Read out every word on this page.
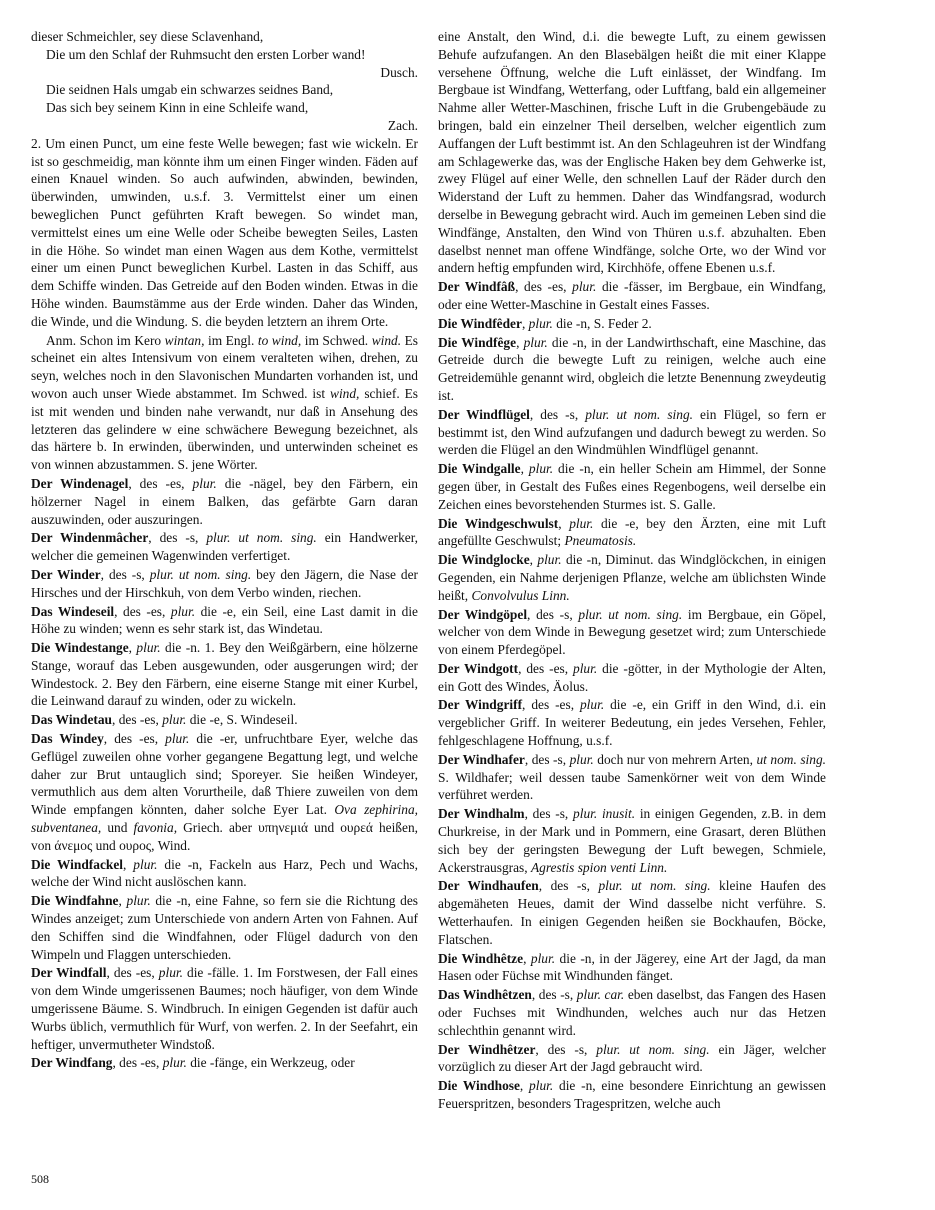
dieser Schmeichler, sey diese Sclavenhand,

Die um den Schlaf der Ruhmsucht den ersten Lorber wand!

Dusch.

Die seidnen Hals umgab ein schwarzes seidnes Band,

Das sich bey seinem Kinn in eine Schleife wand,

Zach.

2. Um einen Punct, um eine feste Welle bewegen; fast wie wickeln. Er ist so geschmeidig, man könnte ihm um einen Finger winden. Fäden auf einen Knauel winden. So auch aufwinden, abwinden, bewinden, überwinden, umwinden, u.s.f. 3. Vermittelst einer um einen beweglichen Punct geführten Kraft bewegen. So windet man, vermittelst eines um eine Welle oder Scheibe bewegten Seiles, Lasten in die Höhe. So windet man einen Wagen aus dem Kothe, vermittelst einer um einen Punct beweglichen Kurbel. Lasten in das Schiff, aus dem Schiffe winden. Das Getreide auf den Boden winden. Etwas in die Höhe winden. Baumstämme aus der Erde winden. Daher das Winden, die Winde, und die Windung. S. die beyden letztern an ihrem Orte.

Anm. Schon im Kero wintan, im Engl. to wind, im Schwed. wind. Es scheinet ein altes Intensivum von einem veralteten wihen, drehen, zu seyn, welches noch in den Slavonischen Mundarten vorhanden ist, und wovon auch unser Wiede abstammet. Im Schwed. ist wind, schief. Es ist mit wenden und binden nahe verwandt, nur daß in Ansehung des letzteren das gelindere w eine schwächere Bewegung bezeichnet, als das härtere b. In erwinden, überwinden, und unterwinden scheinet es von winnen abzustammen. S. jene Wörter.

Der Windenagel, des -es, plur. die -nägel, bey den Färbern, ein hölzerner Nagel in einem Balken, das gefärbte Garn daran auszuwinden, oder auszuringen.

Der Windenmâcher, des -s, plur. ut nom. sing. ein Handwerker, welcher die gemeinen Wagenwinden verfertiget.

Der Winder, des -s, plur. ut nom. sing. bey den Jägern, die Nase der Hirsches und der Hirschkuh, von dem Verbo winden, riechen.

Das Windeseil, des -es, plur. die -e, ein Seil, eine Last damit in die Höhe zu winden; wenn es sehr stark ist, das Windetau.

Die Windestange, plur. die -n. 1. Bey den Weißgärbern, eine hölzerne Stange, worauf das Leben ausgewunden, oder ausgerungen wird; der Windestock. 2. Bey den Färbern, eine eiserne Stange mit einer Kurbel, die Leinwand darauf zu winden, oder zu wickeln.

Das Windetau, des -es, plur. die -e, S. Windeseil.

Das Windey, des -es, plur. die -er, unfruchtbare Eyer, welche das Geflügel zuweilen ohne vorher gegangene Begattung legt, und welche daher zur Brut untauglich sind; Sporeyer. Sie heißen Windeyer, vermuthlich aus dem alten Vorurtheile, daß Thiere zuweilen von dem Winde empfangen könnten, daher solche Eyer Lat. Ova zephirina, subventanea, und favonia, Griech. aber υπηνεμιά und ουρεά heißen, von άνεμος und ουρος, Wind.

Die Windfackel, plur. die -n, Fackeln aus Harz, Pech und Wachs, welche der Wind nicht auslöschen kann.

Die Windfahne, plur. die -n, eine Fahne, so fern sie die Richtung des Windes anzeiget; zum Unterschiede von andern Arten von Fahnen. Auf den Schiffen sind die Windfahnen, oder Flügel dadurch von den Wimpeln und Flaggen unterschieden.

Der Windfall, des -es, plur. die -fälle. 1. Im Forstwesen, der Fall eines von dem Winde umgerissenen Baumes; noch häufiger, von dem Winde umgerissene Bäume. S. Windbruch. In einigen Gegenden ist dafür auch Wurbs üblich, vermuthlich für Wurf, von werfen. 2. In der Seefahrt, ein heftiger, unvermutheter Windstoß.

Der Windfang, des -es, plur. die -fänge, ein Werkzeug, oder

eine Anstalt, den Wind, d.i. die bewegte Luft, zu einem gewissen Behufe aufzufangen. An den Blasebälgen heißt die mit einer Klappe versehene Öffnung, welche die Luft einlässet, der Windfang. Im Bergbaue ist Windfang, Wetterfang, oder Luftfang, bald ein allgemeiner Nahme aller Wetter-Maschinen, frische Luft in die Grubengebäude zu bringen, bald ein einzelner Theil derselben, welcher eigentlich zum Auffangen der Luft bestimmt ist. An den Schlageuhren ist der Windfang am Schlagewerke das, was der Englische Haken bey dem Gehwerke ist, zwey Flügel auf einer Welle, den schnellen Lauf der Räder durch den Widerstand der Luft zu hemmen. Daher das Windfangsrad, wodurch derselbe in Bewegung gebracht wird. Auch im gemeinen Leben sind die Windfänge, Anstalten, den Wind von Thüren u.s.f. abzuhalten. Eben daselbst nennet man offene Windfänge, solche Orte, wo der Wind vor andern heftig empfunden wird, Kirchhöfe, offene Ebenen u.s.f.

Der Windfâß, des -es, plur. die -fässer, im Bergbaue, ein Windfang, oder eine Wetter-Maschine in Gestalt eines Fasses.

Die Windfêder, plur. die -n, S. Feder 2.

Die Windfêge, plur. die -n, in der Landwirthschaft, eine Maschine, das Getreide durch die bewegte Luft zu reinigen, welche auch eine Getreidemühle genannt wird, obgleich die letzte Benennung zweydeutig ist.

Der Windflügel, des -s, plur. ut nom. sing. ein Flügel, so fern er bestimmt ist, den Wind aufzufangen und dadurch bewegt zu werden. So werden die Flügel an den Windmühlen Windflügel genannt.

Die Windgalle, plur. die -n, ein heller Schein am Himmel, der Sonne gegen über, in Gestalt des Fußes eines Regenbogens, weil derselbe ein Zeichen eines bevorstehenden Sturmes ist. S. Galle.

Die Windgeschwulst, plur. die -e, bey den Ärzten, eine mit Luft angefüllte Geschwulst; Pneumatosis.

Die Windglocke, plur. die -n, Diminut. das Windglöckchen, in einigen Gegenden, ein Nahme derjenigen Pflanze, welche am üblichsten Winde heißt, Convolvulus Linn.

Der Windgöpel, des -s, plur. ut nom. sing. im Bergbaue, ein Göpel, welcher von dem Winde in Bewegung gesetzet wird; zum Unterschiede von einem Pferdegöpel.

Der Windgott, des -es, plur. die -götter, in der Mythologie der Alten, ein Gott des Windes, Äolus.

Der Windgriff, des -es, plur. die -e, ein Griff in den Wind, d.i. ein vergeblicher Griff. In weiterer Bedeutung, ein jedes Versehen, Fehler, fehlgeschlagene Hoffnung, u.s.f.

Der Windhafer, des -s, plur. doch nur von mehrern Arten, ut nom. sing. S. Wildhafer; weil dessen taube Samenkörner weit von dem Winde verführet werden.

Der Windhalm, des -s, plur. inusit. in einigen Gegenden, z.B. in dem Churkreise, in der Mark und in Pommern, eine Grasart, deren Blüthen sich bey der geringsten Bewegung der Luft bewegen, Schmiele, Ackerstrausgras, Agrestis spion venti Linn.

Der Windhaufen, des -s, plur. ut nom. sing. kleine Haufen des abgemäheten Heues, damit der Wind dasselbe nicht verführe. S. Wetterhaufen. In einigen Gegenden heißen sie Bockhaufen, Böcke, Flatschen.

Die Windhêtze, plur. die -n, in der Jägerey, eine Art der Jagd, da man Hasen oder Füchse mit Windhunden fänget.

Das Windhêtzen, des -s, plur. car. eben daselbst, das Fangen des Hasen oder Fuchses mit Windhunden, welches auch nur das Hetzen schlechthin genannt wird.

Der Windhêtzer, des -s, plur. ut nom. sing. ein Jäger, welcher vorzüglich zu dieser Art der Jagd gebraucht wird.

Die Windhose, plur. die -n, eine besondere Einrichtung an gewissen Feuerspritzen, besonders Tragespritzen, welche auch

508
